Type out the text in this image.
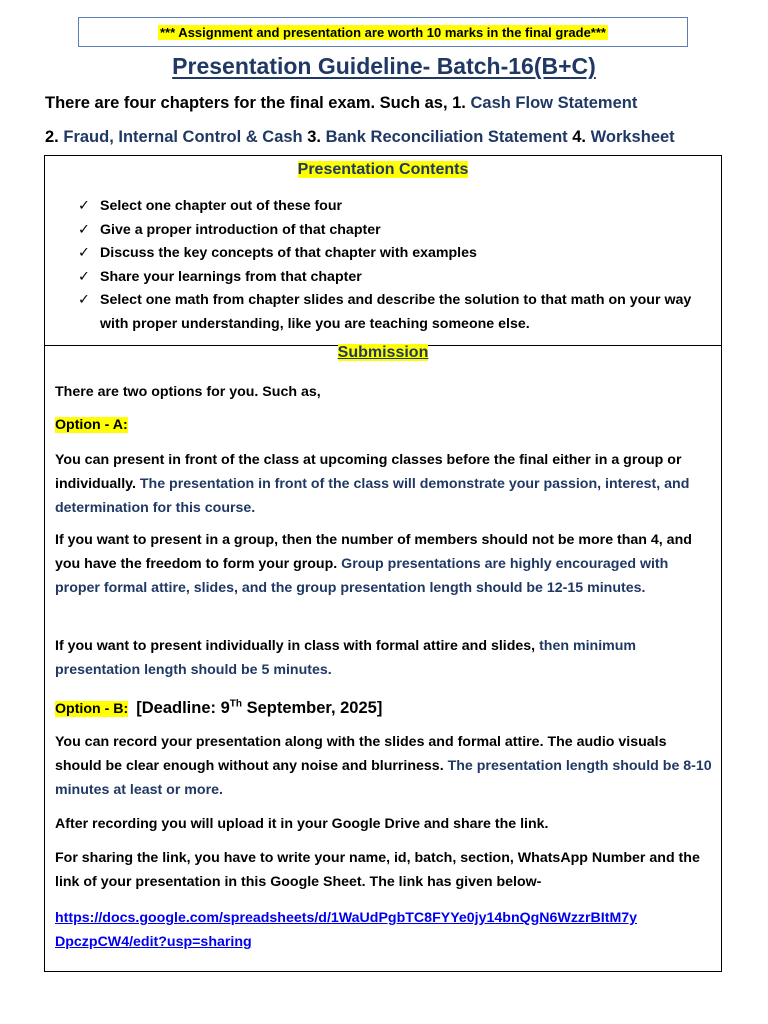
*** Assignment and presentation are worth 10 marks in the final grade***
Presentation Guideline- Batch-16(B+C)
There are four chapters for the final exam. Such as, 1. Cash Flow Statement
2. Fraud, Internal Control & Cash 3. Bank Reconciliation Statement 4. Worksheet
Presentation Contents
✓ Select one chapter out of these four
✓ Give a proper introduction of that chapter
✓ Discuss the key concepts of that chapter with examples
✓ Share your learnings from that chapter
✓ Select one math from chapter slides and describe the solution to that math on your way with proper understanding, like you are teaching someone else.
Submission

There are two options for you. Such as,

Option - A:

You can present in front of the class at upcoming classes before the final either in a group or individually. The presentation in front of the class will demonstrate your passion, interest, and determination for this course.

If you want to present in a group, then the number of members should not be more than 4, and you have the freedom to form your group. Group presentations are highly encouraged with proper formal attire, slides, and the group presentation length should be 12-15 minutes.

If you want to present individually in class with formal attire and slides, then minimum presentation length should be 5 minutes.

Option - B: [Deadline: 9Th September, 2025]

You can record your presentation along with the slides and formal attire. The audio visuals should be clear enough without any noise and blurriness. The presentation length should be 8-10 minutes at least or more.

After recording you will upload it in your Google Drive and share the link.

For sharing the link, you have to write your name, id, batch, section, WhatsApp Number and the link of your presentation in this Google Sheet. The link has given below-

https://docs.google.com/spreadsheets/d/1WaUdPgbTC8FYYe0jy14bnQgN6WzzrBItM7y
DpczpCW4/edit?usp=sharing
